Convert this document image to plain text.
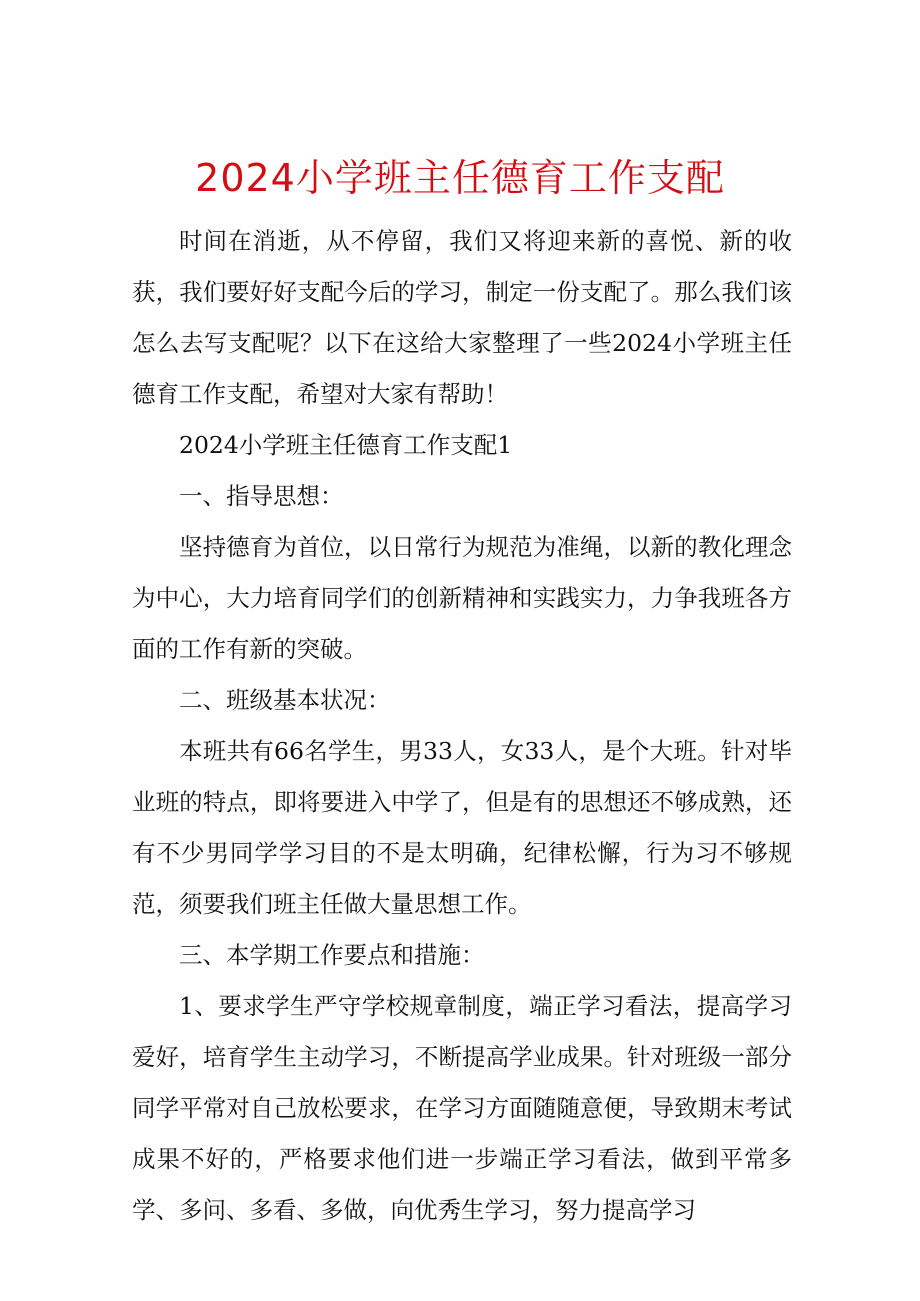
2024小学班主任德育工作支配

时间在消逝，从不停留，我们又将迎来新的喜悦、新的收获，我们要好好支配今后的学习，制定一份支配了。那么我们该怎么去写支配呢？以下在这给大家整理了一些2024小学班主任德育工作支配，希望对大家有帮助！

2024小学班主任德育工作支配1

一、指导思想：

坚持德育为首位，以日常行为规范为准绳，以新的教化理念为中心，大力培育同学们的创新精神和实践实力，力争我班各方面的工作有新的突破。

二、班级基本状况：

本班共有66名学生，男33人，女33人，是个大班。针对毕业班的特点，即将要进入中学了，但是有的思想还不够成熟，还有不少男同学学习目的不是太明确，纪律松懈，行为习不够规范，须要我们班主任做大量思想工作。

三、本学期工作要点和措施：

1、要求学生严守学校规章制度，端正学习看法，提高学习爱好，培育学生主动学习，不断提高学业成果。针对班级一部分同学平常对自己放松要求，在学习方面随随意便，导致期末考试成果不好的，严格要求他们进一步端正学习看法，做到平常多学、多问、多看、多做，向优秀生学习，努力提高学习
